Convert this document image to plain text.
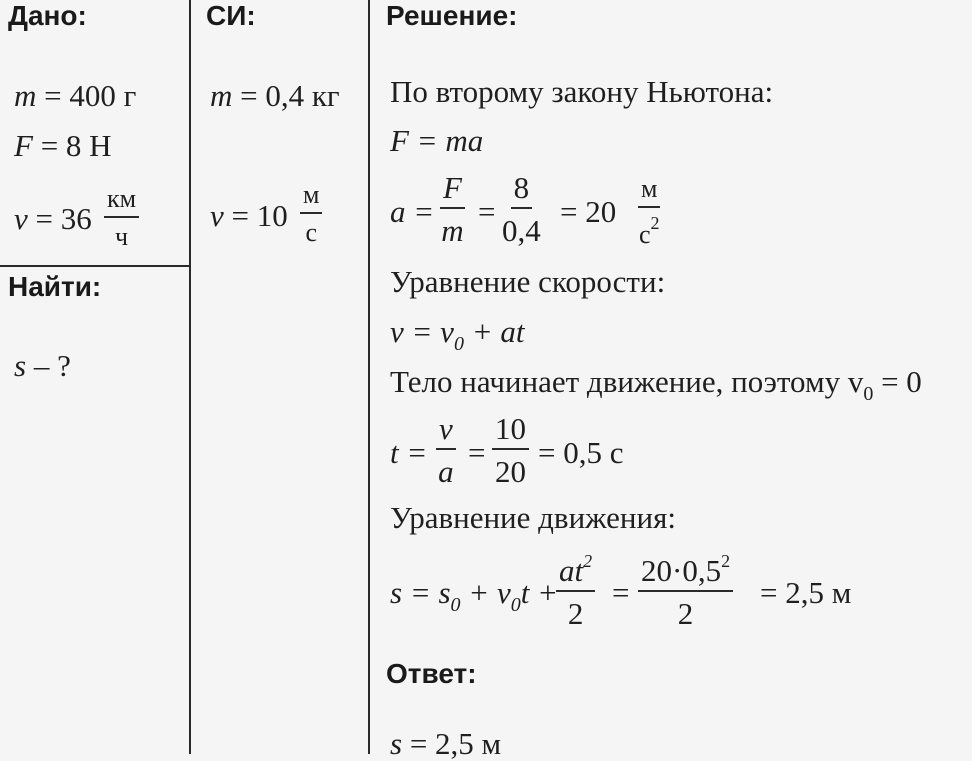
Дано:	СИ:	Решение:
Найти:
Ответ:
m = 400 г
F = 8 Н
v = 36
км
ч
s – ?
m = 0,4 кг
v = 10
м
с
По второму закону Ньютона:
F = ma
$a = \frac{F}{m} = \frac{8}{0,4} = 20$
м
$с^2$
Уравнение скорости:
$v = v_0$ + at
Тело начинает движение, поэтому $v_0 = 0$
$t = \frac{v}{a} = \frac{10}{20} = 0,5$ с
Уравнение движения:
$s = s_0 + v_0t$ +
$\frac{at^2}{2} = \frac{20\cdot 0,5^2}{2} = 2,5$ м
s = 2,5 м
